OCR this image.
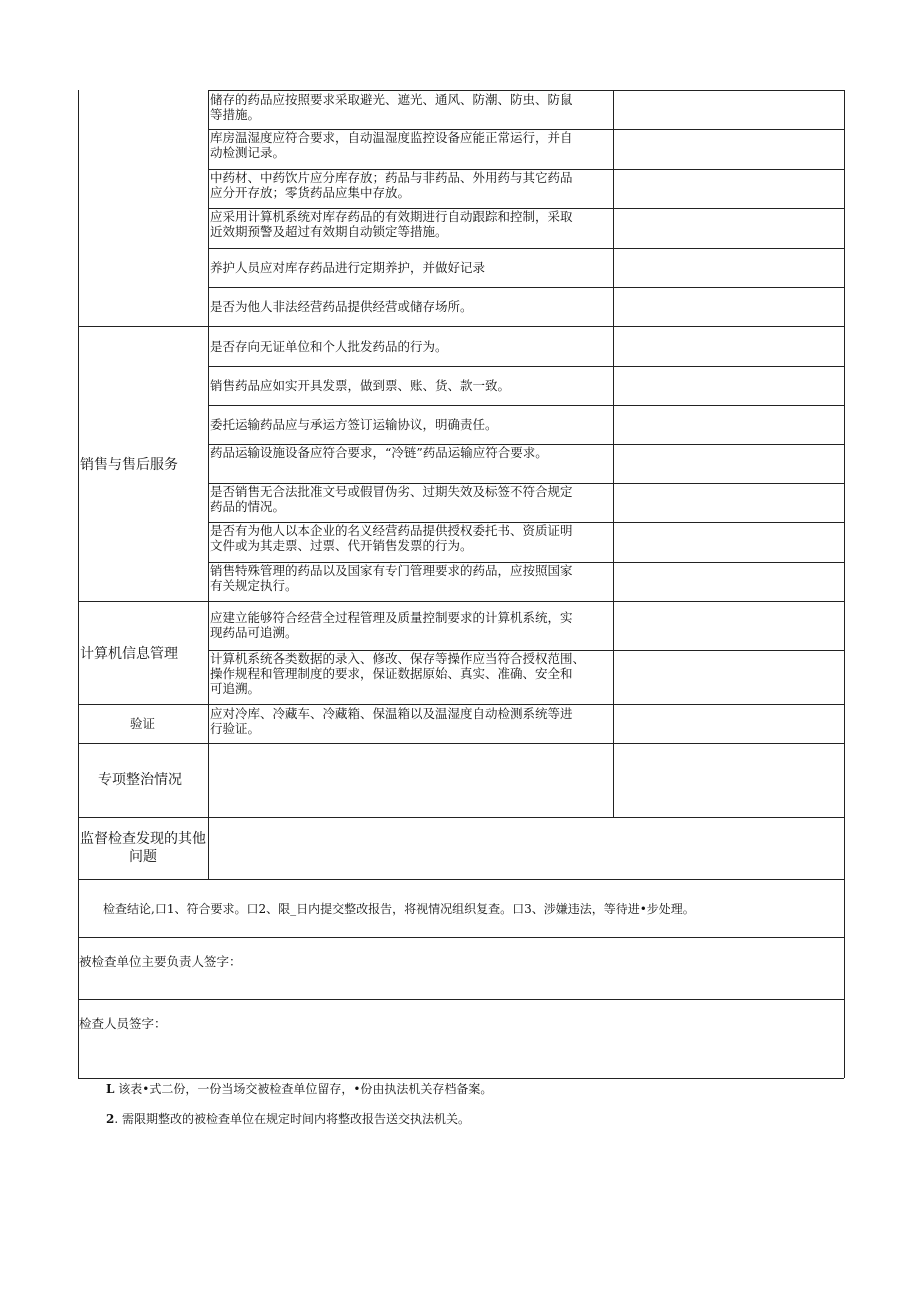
储存的药品应按照要求采取避光、遮光、通风、防潮、防虫、防鼠
等措施。
库房温湿度应符合要求，自动温湿度监控设备应能正常运行，并自
动检测记录。
中药材、中药饮片应分库存放；药品与非药品、外用药与其它药品
应分开存放；零货药品应集中存放。
应采用计算机系统对库存药品的有效期进行自动跟踪和控制，采取
近效期预警及超过有效期自动锁定等措施。
养护人员应对库存药品进行定期养护，并做好记录
是否为他人非法经营药品提供经营或储存场所。
销售与售后服务
是否存向无证单位和个人批发药品的行为。
销售药品应如实开具发票，做到票、账、货、款一致。
委托运输药品应与承运方签订运输协议，明确责任。
药品运输设施设备应符合要求，“冷链”药品运输应符合要求。
是否销售无合法批准文号或假冒伪劣、过期失效及标签不符合规定
药品的情况。
是否有为他人以本企业的名义经营药品提供授权委托书、资质证明
文件或为其走票、过票、代开销售发票的行为。
销售特殊管理的药品以及国家有专门管理要求的药品，应按照国家
有关规定执行。
计算机信息管理
应建立能够符合经营全过程管理及质量控制要求的计算机系统，实
现药品可追溯。
计算机系统各类数据的录入、修改、保存等操作应当符合授权范围、
操作规程和管理制度的要求，保证数据原始、真实、准确、安全和
可追溯。
验证
应对冷库、冷藏车、冷藏箱、保温箱以及温湿度自动检测系统等进
行验证。
专项整治情况
监督检查发现的其他问题
检查结论,口1、符合要求。口2、限_日内提交整改报告，将视情况组织复查。口3、涉嫌违法，等待进•步处理。
被检查单位主要负责人签字：
检查人员签字：
L 该表•式二份，一份当场交被检查单位留存，•份由执法机关存档备案。
2. 需限期整改的被检查单位在规定时间内将整改报告送交执法机关。
